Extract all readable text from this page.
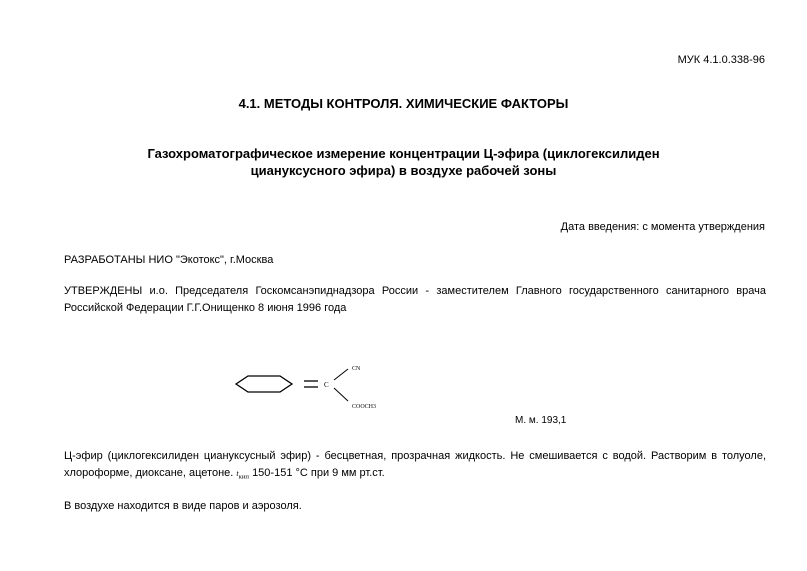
МУК 4.1.0.338-96
4.1. МЕТОДЫ КОНТРОЛЯ. ХИМИЧЕСКИЕ ФАКТОРЫ
Газохроматографическое измерение концентрации Ц-эфира (циклогексилиден
циануксусного эфира) в воздухе рабочей зоны
Дата введения: с момента утверждения
РАЗРАБОТАНЫ НИО "Экотокс", г.Москва
УТВЕРЖДЕНЫ и.о. Председателя Госкомсанэпиднадзора России - заместителем Главного государственного санитарного врача Российской Федерации Г.Г.Онищенко 8 июня 1996 года
C
CN
COOCH3
М. м. 193,1
Ц-эфир (циклогексилиден циануксусный эфир) - бесцветная, прозрачная жидкость. Не смешивается с водой. Растворим в толуоле, хлороформе, диоксане, ацетоне. $t_{кип}$ 150-151 °С при 9 мм рт.ст.
В воздухе находится в виде паров и аэрозоля.
